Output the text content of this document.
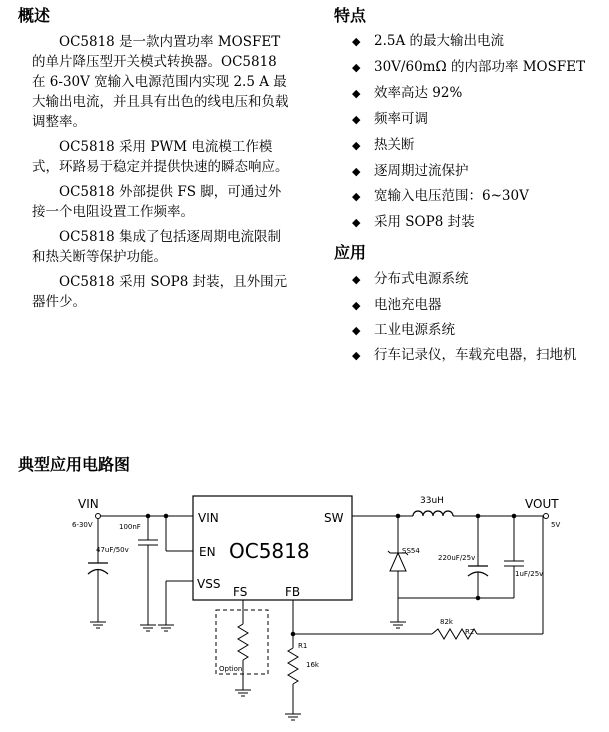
概述

OC5818 是一款内置功率 MOSFET 的单片降压型开关模式转换器。OC5818 在 6-30V 宽输入电源范围内实现 2.5 A 最大输出电流，并且具有出色的线电压和负载调整率。

OC5818 采用 PWM 电流模工作模式，环路易于稳定并提供快速的瞬态响应。

OC5818 外部提供 FS 脚，可通过外接一个电阻设置工作频率。

OC5818 集成了包括逐周期电流限制和热关断等保护功能。

OC5818 采用 SOP8 封装，且外围元器件少。

特点
◆ 2.5A 的最大输出电流
◆ 30V/60mΩ 的内部功率 MOSFET
◆ 效率高达 92%
◆ 频率可调
◆ 热关断
◆ 逐周期过流保护
◆ 宽输入电压范围：6~30V
◆ 采用 SOP8 封装
应用
◆ 分布式电源系统
◆ 电池充电器
◆ 工业电源系统
◆ 行车记录仪，车载充电器，扫地机
典型应用电路图
OC5818
VIN
EN
VSS
SW
FS	FB
VIN
6-30V
47uF/50v
100nF
33uH	VOUT
5V
SS54
220uF/25v
1uF/25v
82k
R2
R1
16k
Option
